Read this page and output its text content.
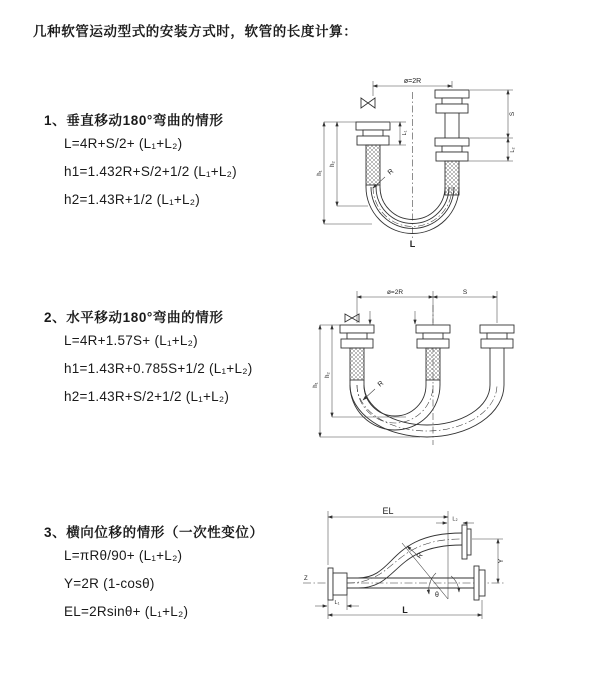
几种软管运动型式的安装方式时，软管的长度计算：
1、垂直移动180°弯曲的情形
L=4R+S/2+ (L₁+L₂)
h1=1.432R+S/2+1/2 (L₁+L₂)
h2=1.43R+1/2 (L₁+L₂)
2、水平移动180°弯曲的情形
L=4R+1.57S+ (L₁+L₂)
h1=1.43R+0.785S+1/2 (L₁+L₂)
h2=1.43R+S/2+1/2 (L₁+L₂)
3、横向位移的情形（一次性变位）
L=πRθ/90+ (L₁+L₂)
Y=2R (1-cosθ)
EL=2Rsinθ+ (L₁+L₂)
ø=2R
L₁
S
L₂
h₁
h₂
R
L
ø=2R	S
h₁
h₂
R
EL
L₂
Y
R
θ
L
L₁
Z
